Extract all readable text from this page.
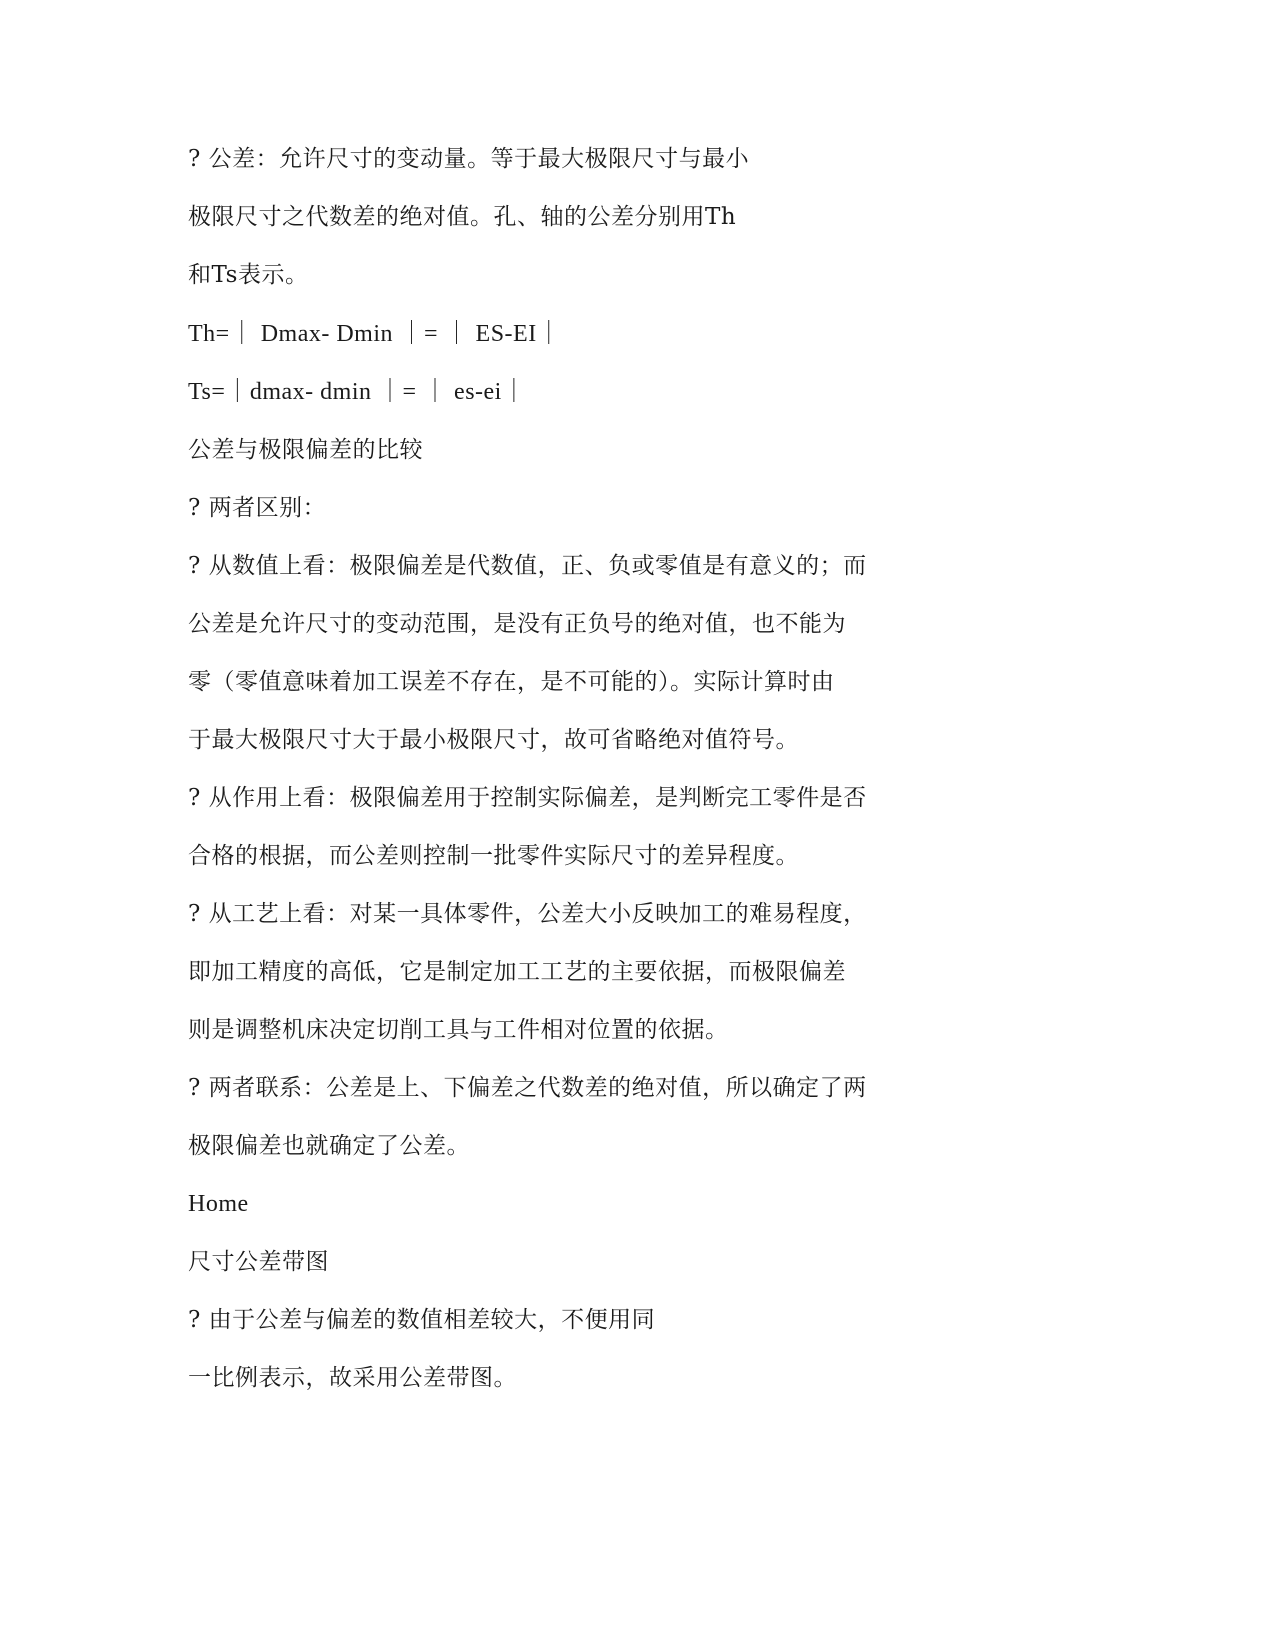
? 公差：允许尺寸的变动量。等于最大极限尺寸与最小
极限尺寸之代数差的绝对值。孔、轴的公差分别用Th
和Ts表示。
Th=｜ Dmax- Dmin ｜= ｜ ES-EI｜
Ts=｜dmax- dmin ｜= ｜ es-ei｜
公差与极限偏差的比较
? 两者区别：
? 从数值上看：极限偏差是代数值，正、负或零值是有意义的；而
公差是允许尺寸的变动范围，是没有正负号的绝对值，也不能为
零（零值意味着加工误差不存在，是不可能的）。实际计算时由
于最大极限尺寸大于最小极限尺寸，故可省略绝对值符号。
? 从作用上看：极限偏差用于控制实际偏差，是判断完工零件是否
合格的根据，而公差则控制一批零件实际尺寸的差异程度。
? 从工艺上看：对某一具体零件，公差大小反映加工的难易程度，
即加工精度的高低，它是制定加工工艺的主要依据，而极限偏差
则是调整机床决定切削工具与工件相对位置的依据。
? 两者联系：公差是上、下偏差之代数差的绝对值，所以确定了两
极限偏差也就确定了公差。
Home
尺寸公差带图
? 由于公差与偏差的数值相差较大，不便用同
一比例表示，故采用公差带图。
